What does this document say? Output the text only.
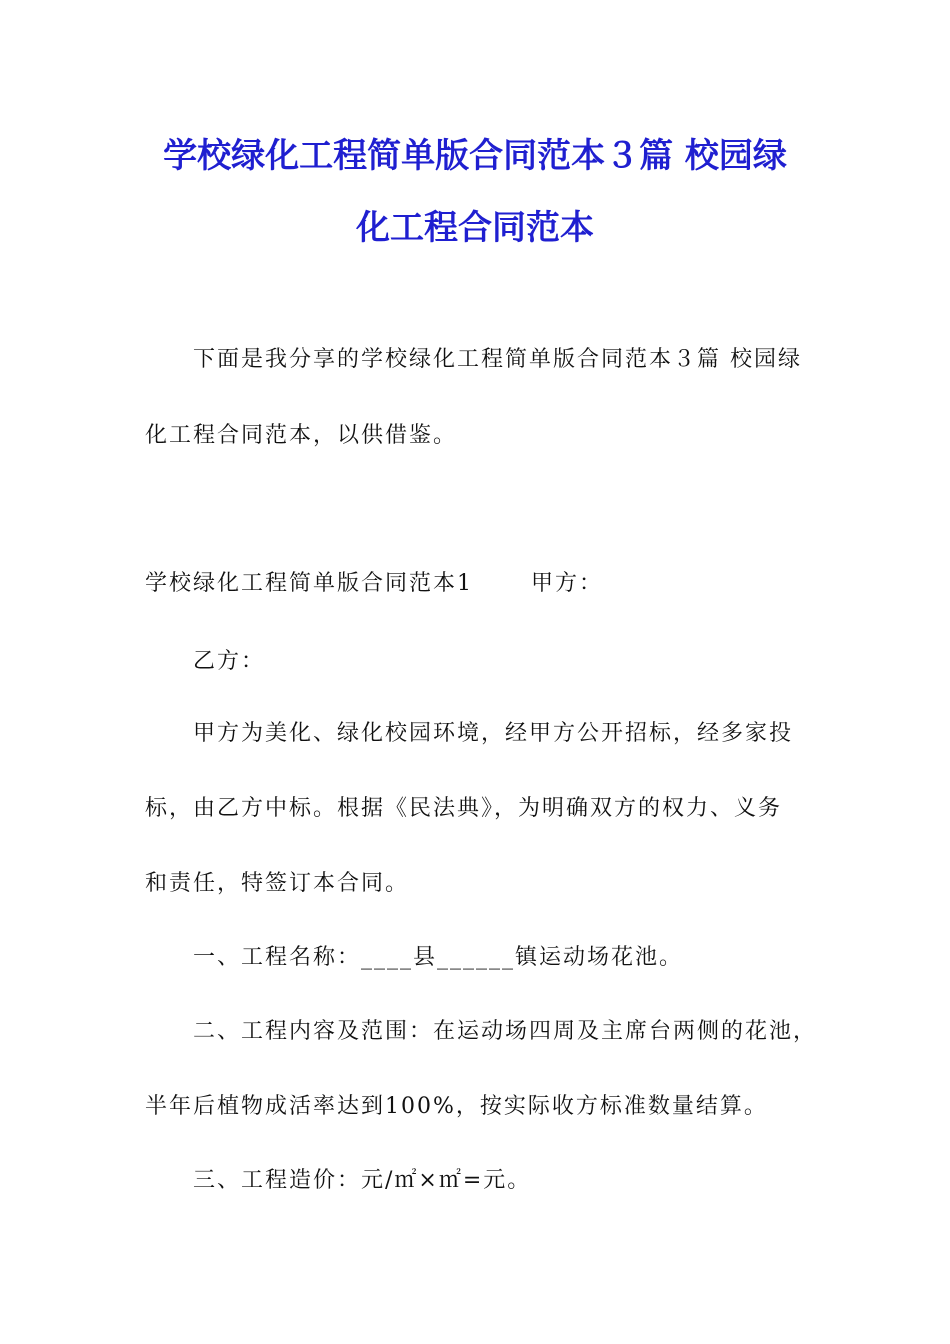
学校绿化工程简单版合同范本３篇 校园绿
化工程合同范本
下面是我分享的学校绿化工程简单版合同范本３篇 校园绿
化工程合同范本，以供借鉴。
学校绿化工程简单版合同范本1	甲方：
乙方：
甲方为美化、绿化校园环境，经甲方公开招标，经多家投
标，由乙方中标。根据《民法典》，为明确双方的权力、义务
和责任，特签订本合同。
一、工程名称：____县______镇运动场花池。
二、工程内容及范围：在运动场四周及主席台两侧的花池，
半年后植物成活率达到100%，按实际收方标准数量结算。
三、工程造价：元/㎡×㎡=元。
